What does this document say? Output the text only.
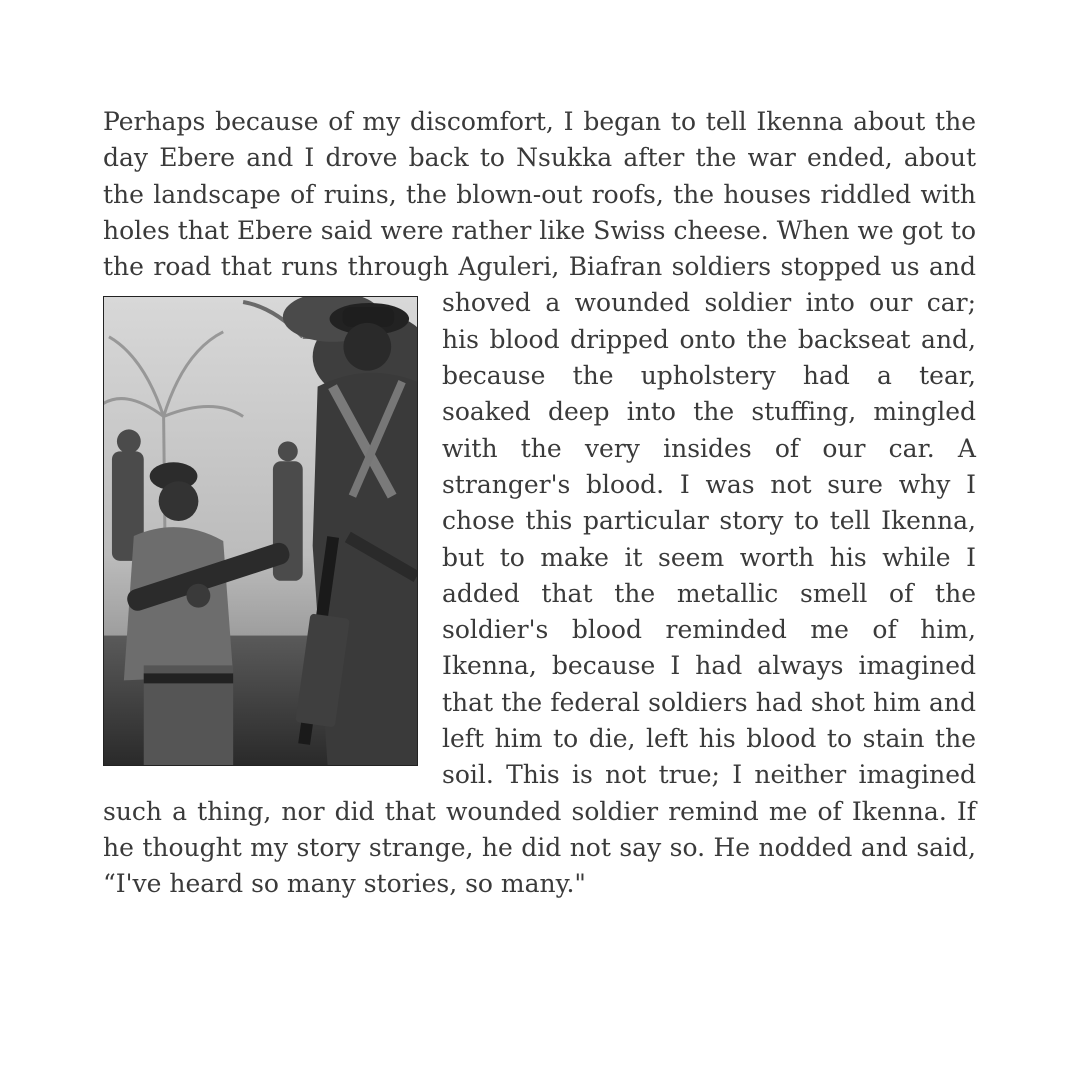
Perhaps because of my discomfort, I began to tell Ikenna about the day Ebere and I drove back to Nsukka after the war ended, about the landscape of ruins, the blown-out roofs, the houses riddled with holes that Ebere said were rather like Swiss cheese. When we got to the road that runs through Aguleri, Biafran soldiers stopped us and shoved a wounded soldier into our car; his blood dripped onto the backseat and, because the upholstery had a tear, soaked deep into the stuffing, mingled with the very insides of our car. A stranger's blood. I was not sure why I chose this particular story to tell Ikenna, but to make it seem worth his while I added that the metallic smell of the soldier's blood reminded me of him, Ikenna, because I had always imagined that the federal soldiers had shot him and left him to die, left his blood to stain the soil. This is not true; I neither imagined such a thing, nor did that wounded soldier remind me of Ikenna. If he thought my story strange, he did not say so. He nodded and said, “I've heard so many stories, so many."
